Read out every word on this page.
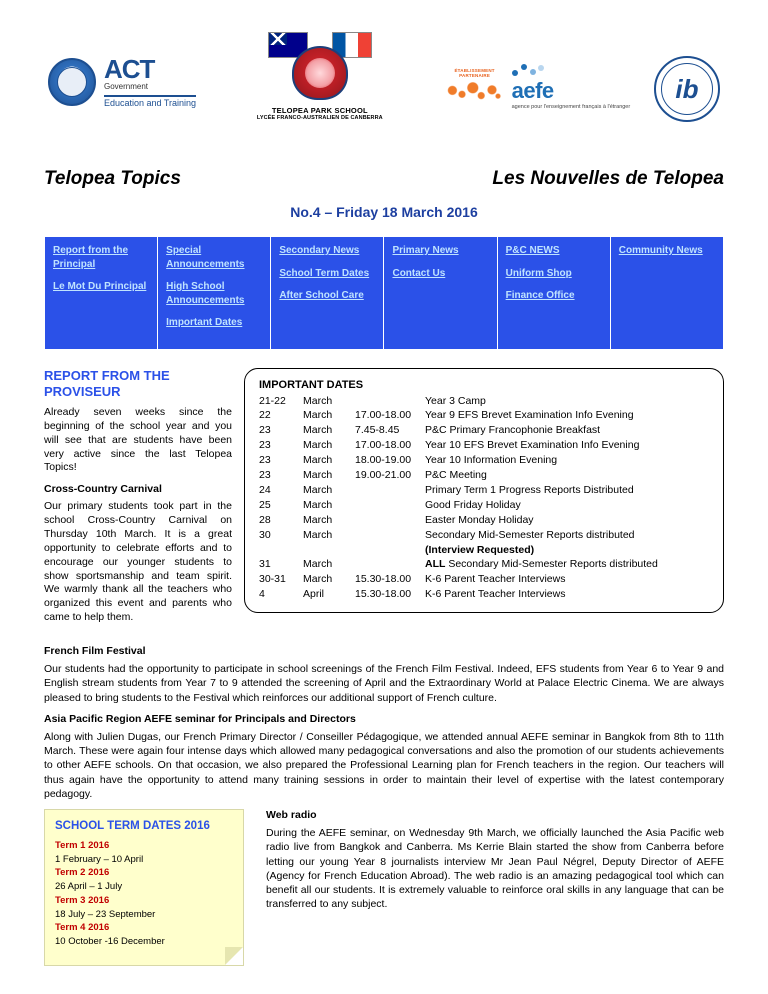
ACT
Government
Education and Training
TELOPEA PARK SCHOOL
LYCÉE FRANCO-AUSTRALIEN DE CANBERRA
ÉTABLISSEMENT PARTENAIRE
aefe
agence pour l'enseignement français à l'étranger
ib
Telopea Topics	Les Nouvelles de Telopea
No.4 – Friday 18 March 2016
Report from the Principal
Le Mot Du Principal

Special Announcements
High School Announcements
Important Dates

Secondary News
School Term Dates
After School Care

Primary News
Contact Us

P&C NEWS
Uniform Shop
Finance Office

Community News
REPORT FROM THE PROVISEUR

Already seven weeks since the beginning of the school year and you will see that are students have been very active since the last Telopea Topics!

Cross-Country Carnival

Our primary students took part in the school Cross-Country Carnival on Thursday 10th March. It is a great opportunity to celebrate efforts and to encourage our younger students to show sportsmanship and team spirit. We warmly thank all the teachers who organized this event and parents who came to help them.

IMPORTANT DATES
21-22	March		Year 3 Camp
22	March	17.00-18.00	Year 9 EFS Brevet Examination Info Evening
23	March	7.45-8.45	P&C Primary Francophonie Breakfast
23	March	17.00-18.00	Year 10 EFS Brevet Examination Info Evening
23	March	18.00-19.00	Year 10 Information Evening
23	March	19.00-21.00	P&C Meeting
24	March		Primary Term 1 Progress Reports Distributed
25	March		Good Friday Holiday
28	March		Easter Monday Holiday
30	March		Secondary Mid-Semester Reports distributed
			(Interview Requested)
31	March		ALL Secondary Mid-Semester Reports distributed
30-31	March	15.30-18.00	K-6 Parent Teacher Interviews
4	April	15.30-18.00	K-6 Parent Teacher Interviews
French Film Festival

Our students had the opportunity to participate in school screenings of the French Film Festival. Indeed, EFS students from Year 6 to Year 9 and English stream students from Year 7 to 9 attended the screening of April and the Extraordinary World at Palace Electric Cinema. We are always pleased to bring students to the Festival which reinforces our additional support of French culture.

Asia Pacific Region AEFE seminar for Principals and Directors

Along with Julien Dugas, our French Primary Director / Conseiller Pédagogique, we attended annual AEFE seminar in Bangkok from 8th to 11th March. These were again four intense days which allowed many pedagogical conversations and also the promotion of our students achievements to other AEFE schools. On that occasion, we also prepared the Professional Learning plan for French teachers in the region. Our teachers will thus again have the opportunity to attend many training sessions in order to maintain their level of expertise with the latest contemporary pedagogy.

SCHOOL TERM DATES 2016
Term 1 2016
1 February – 10 April
Term 2 2016
26 April – 1 July
Term 3 2016
18 July – 23 September
Term 4 2016
10 October -16 December
Web radio

During the AEFE seminar, on Wednesday 9th March, we officially launched the Asia Pacific web radio live from Bangkok and Canberra. Ms Kerrie Blain started the show from Canberra before letting our young Year 8 journalists interview Mr Jean Paul Négrel, Deputy Director of AEFE (Agency for French Education Abroad). The web radio is an amazing pedagogical tool which can benefit all our students. It is extremely valuable to reinforce oral skills in any language that can be transferred to any subject.
